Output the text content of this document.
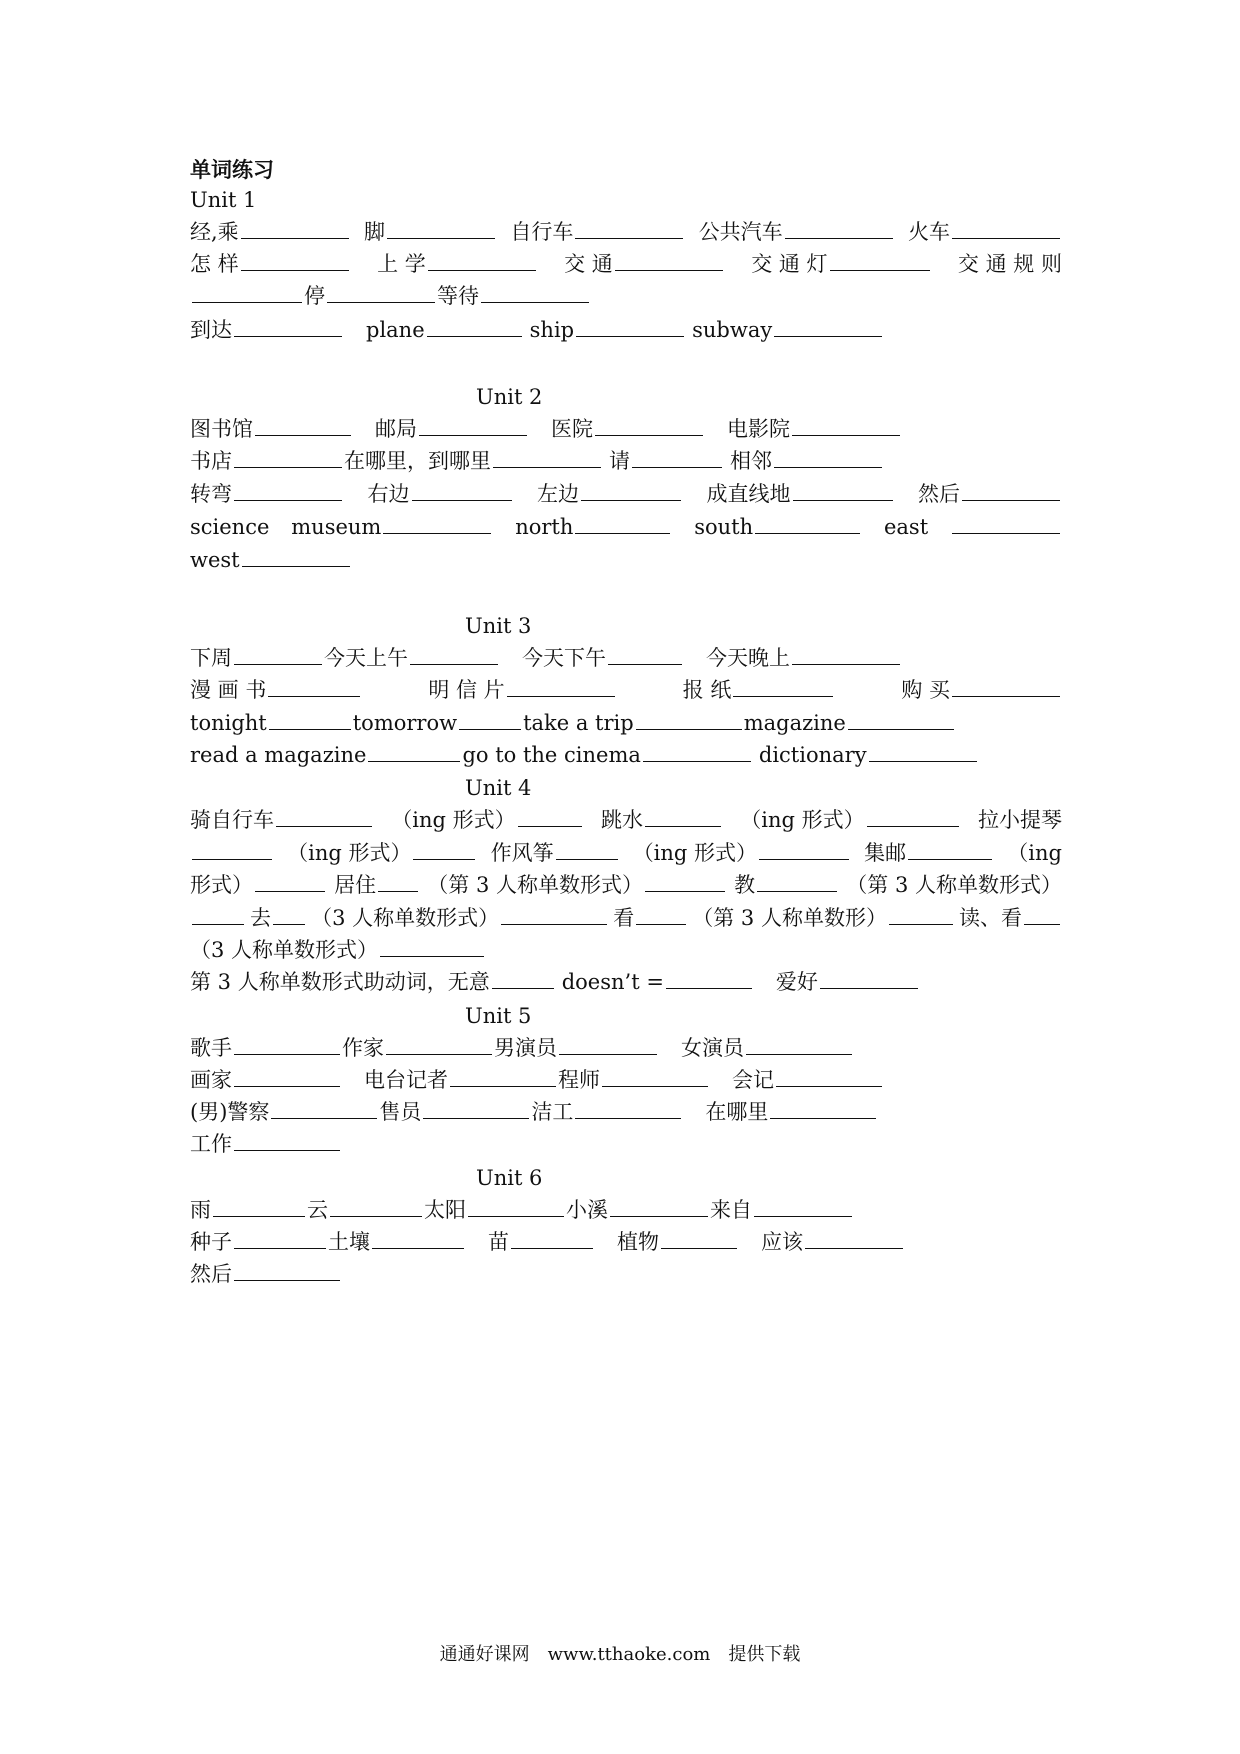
单词练习
Unit 1
经,乘	脚	自行车	公共汽车	火车
怎 样	上 学	交 通	交 通 灯	交 通 规 则
停	等待
到达	plane	ship	subway
Unit 2
图书馆	邮局	医院	电影院
书店	在哪里，到哪里	请	相邻
转弯	右边	左边	成直线地	然后
science museum	north	south	east
west
Unit 3
下周	今天上午	今天下午	今天晚上
漫 画 书	明 信 片	报 纸	购 买
tonight	tomorrow	take a trip	magazine
read a magazine	go to the cinema	dictionary
Unit 4
骑自行车	（ing 形式）	跳水	（ing 形式）	拉小提琴
（ing 形式）	作风筝	（ing 形式）	集邮	（ing
形式）	居住 （第 3 人称单数形式）	教	（第 3 人称单数形式）
去 （3 人称单数形式）	看	（第 3 人称单数形）	读、看
（3 人称单数形式）
第 3 人称单数形式助动词，无意	doesn’t =	爱好
Unit 5
歌手	作家	男演员	女演员
画家	电台记者	程师	会记
(男)警察	售员	洁工	在哪里
工作
Unit 6
雨	云	太阳	小溪	来自
种子	土壤	苗	植物	应该
然后
通通好课网　www.tthaoke.com　提供下载
